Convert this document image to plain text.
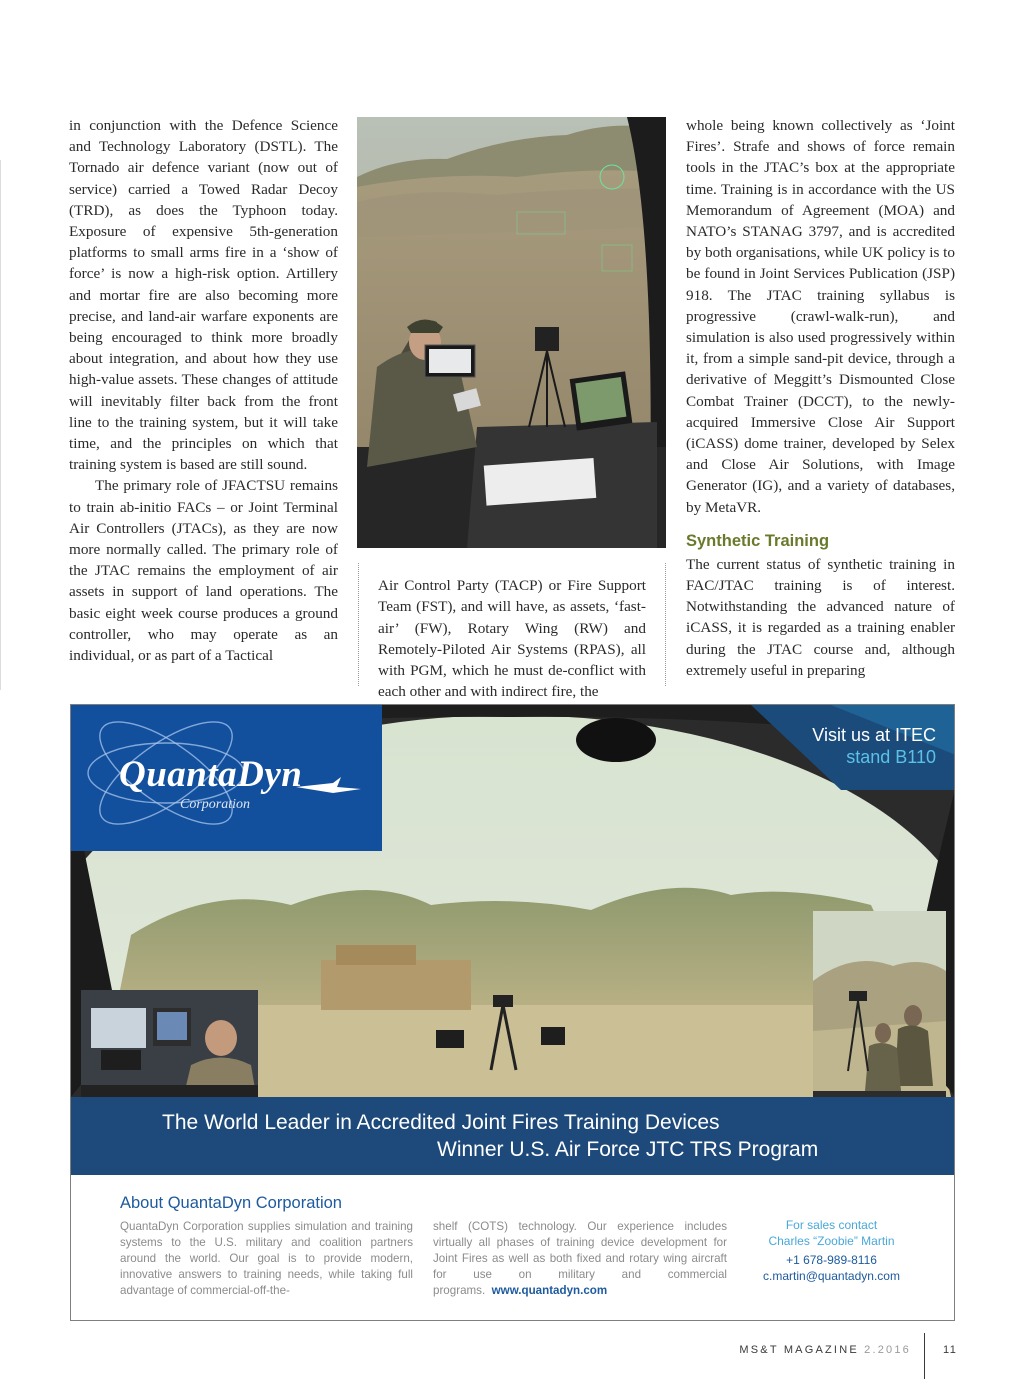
in conjunction with the Defence Science and Technology Laboratory (DSTL). The Tornado air defence variant (now out of service) carried a Towed Radar Decoy (TRD), as does the Typhoon today. Exposure of expensive 5th-generation platforms to small arms fire in a ‘show of force’ is now a high-risk option. Artillery and mortar fire are also becoming more precise, and land-air warfare exponents are being encouraged to think more broadly about integration, and about how they use high-value assets. These changes of attitude will inevitably filter back from the front line to the training system, but it will take time, and the principles on which that training system is based are still sound.

The primary role of JFACTSU remains to train ab-initio FACs – or Joint Terminal Air Controllers (JTACs), as they are now more normally called. The primary role of the JTAC remains the employment of air assets in support of land operations. The basic eight week course produces a ground controller, who may operate as an individual, or as part of a Tactical

Air Control Party (TACP) or Fire Support Team (FST), and will have, as assets, ‘fast-air’ (FW), Rotary Wing (RW) and Remotely-Piloted Air Systems (RPAS), all with PGM, which he must de-conflict with each other and with indirect fire, the

whole being known collectively as ‘Joint Fires’. Strafe and shows of force remain tools in the JTAC’s box at the appropriate time. Training is in accordance with the US Memorandum of Agreement (MOA) and NATO’s STANAG 3797, and is accredited by both organisations, while UK policy is to be found in Joint Services Publication (JSP) 918. The JTAC training syllabus is progressive (crawl-walk-run), and simulation is also used progressively within it, from a simple sand-pit device, through a derivative of Meggitt’s Dismounted Close Combat Trainer (DCCT), to the newly-acquired Immersive Close Air Support (iCASS) dome trainer, developed by Selex and Close Air Solutions, with Image Generator (IG), and a variety of databases, by MetaVR.

Synthetic Training

The current status of synthetic training in FAC/JTAC training is of interest. Notwithstanding the advanced nature of iCASS, it is regarded as a training enabler during the JTAC course and, although extremely useful in preparing

QuantaDyn
Corporation
Visit us at ITEC
stand B110
The World Leader in Accredited Joint Fires Training Devices
Winner U.S. Air Force JTC TRS Program
About QuantaDyn Corporation
QuantaDyn Corporation supplies simulation and training systems to the U.S. military and coalition partners around the world. Our goal is to provide modern, innovative answers to training needs, while taking full advantage of commercial-off-the-
shelf (COTS) technology. Our experience includes virtually all phases of training device development for Joint Fires as well as both fixed and rotary wing aircraft for use on military and commercial programs. www.quantadyn.com
For sales contact
Charles “Zoobie” Martin
+1 678-989-8116
c.martin@quantadyn.com
MS&T MAGAZINE 2.2016	11
